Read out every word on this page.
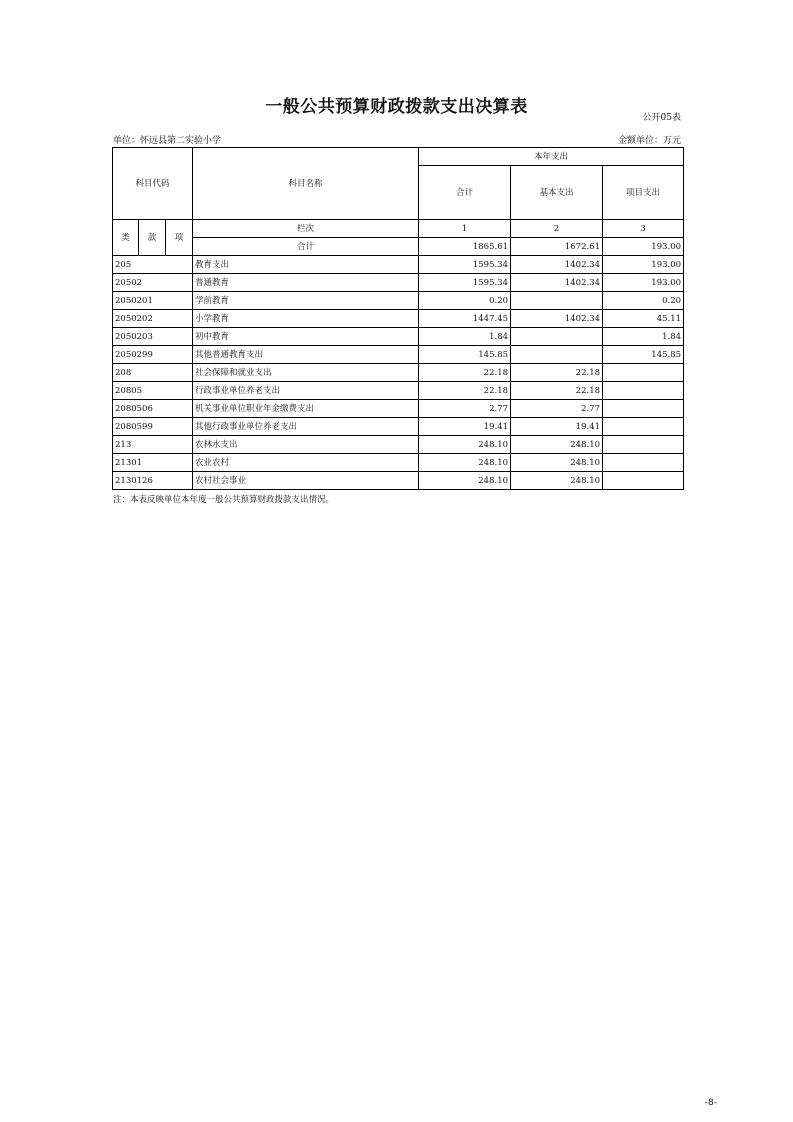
一般公共预算财政拨款支出决算表
公开05表
单位：怀远县第二实验小学	金额单位：万元
科目代码			科目名称	本年支出		
				合计	基本支出	项目支出

类	款	项	栏次	1	2	3
			合计	1865.61	1672.61	193.00
205			教育支出	1595.34	1402.34	193.00
20502			普通教育	1595.34	1402.34	193.00
2050201			学前教育	0.20		0.20
2050202			小学教育	1447.45	1402.34	45.11
2050203			初中教育	1.84		1.84
2050299			其他普通教育支出	145.85		145.85
208			社会保障和就业支出	22.18	22.18	
20805			行政事业单位养老支出	22.18	22.18	
2080506			机关事业单位职业年金缴费支出	2.77	2.77	
2080599			其他行政事业单位养老支出	19.41	19.41	
213			农林水支出	248.10	248.10	
21301			农业农村	248.10	248.10	
2130126			农村社会事业	248.10	248.10	
注：本表反映单位本年度一般公共预算财政拨款支出情况。
-8-
